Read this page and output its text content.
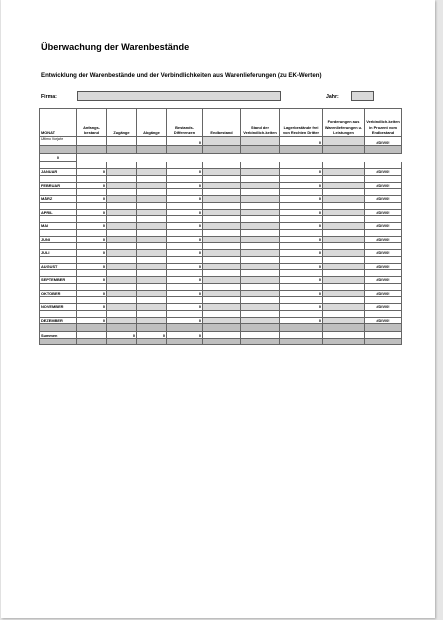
Überwachung der Warenbestände
Entwicklung der Warenbestände und der Verbindlichkeiten aus Warenlieferungen (zu EK-Werten)
Firma:	Jahr:
MONAT	Anfangs-bestand	Zugänge	Abgänge	Bestands-Differenzen	Endbestand	Stand der Verbindlich-keiten	Lagerbestände frei von Rechten Dritter	Forderungen aus Warenlieferungen u. Leistungen	Verbindlich-keiten in Prozent vom Endbestand
Ultimo Vorjahr				0			0		#DIV/0!

0									

JANUAR	0			0			0		#DIV/0!

FEBRUAR	0			0			0		#DIV/0!

MÄRZ	0			0			0		#DIV/0!

APRIL	0			0			0		#DIV/0!

MAI	0			0			0		#DIV/0!

JUNI	0			0			0		#DIV/0!

JULI	0			0			0		#DIV/0!

AUGUST	0			0			0		#DIV/0!

SEPTEMBER	0			0			0		#DIV/0!

OKTOBER	0			0			0		#DIV/0!

NOVEMBER	0			0			0		#DIV/0!

DEZEMBER	0			0			0		#DIV/0!

Summen		0	0	0					
